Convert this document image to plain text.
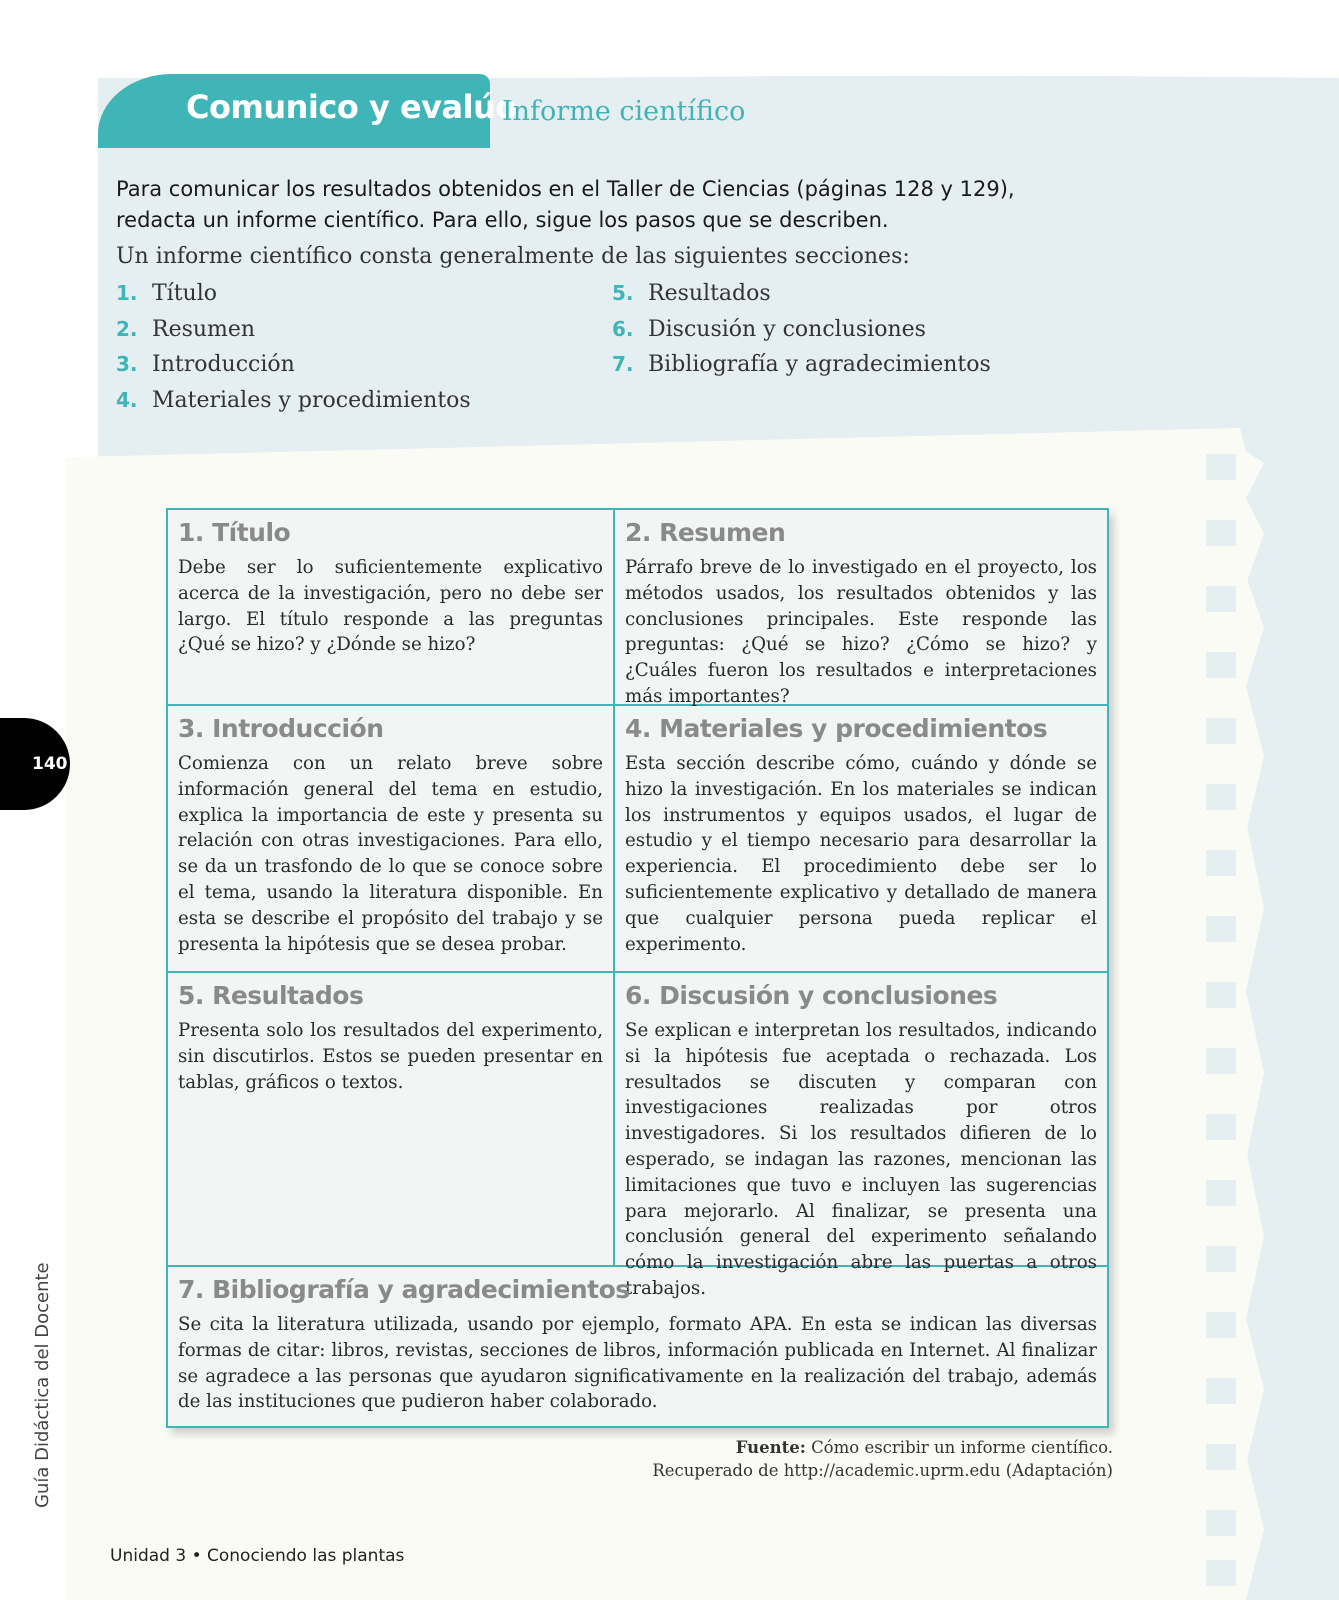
Comunico y evalúo
Informe científico
Para comunicar los resultados obtenidos en el Taller de Ciencias (páginas 128 y 129), redacta un informe científico. Para ello, sigue los pasos que se describen.
Un informe científico consta generalmente de las siguientes secciones:
1. Título
2. Resumen
3. Introducción
4. Materiales y procedimientos
5. Resultados
6. Discusión y conclusiones
7. Bibliografía y agradecimientos
1. Título

Debe ser lo suficientemente explicativo acerca de la investigación, pero no debe ser largo. El título responde a las preguntas ¿Qué se hizo? y ¿Dónde se hizo?

2. Resumen

Párrafo breve de lo investigado en el proyecto, los métodos usados, los resultados obtenidos y las conclusiones principales. Este responde las preguntas: ¿Qué se hizo? ¿Cómo se hizo? y ¿Cuáles fueron los resultados e interpretaciones más importantes?

3. Introducción

Comienza con un relato breve sobre información general del tema en estudio, explica la importancia de este y presenta su relación con otras investigaciones. Para ello, se da un trasfondo de lo que se conoce sobre el tema, usando la literatura disponible. En esta se describe el propósito del trabajo y se presenta la hipótesis que se desea probar.

4. Materiales y procedimientos

Esta sección describe cómo, cuándo y dónde se hizo la investigación. En los materiales se indican los instrumentos y equipos usados, el lugar de estudio y el tiempo necesario para desarrollar la experiencia. El procedimiento debe ser lo suficientemente explicativo y detallado de manera que cualquier persona pueda replicar el experimento.

5. Resultados

Presenta solo los resultados del experimento, sin discutirlos. Estos se pueden presentar en tablas, gráficos o textos.

6. Discusión y conclusiones

Se explican e interpretan los resultados, indicando si la hipótesis fue aceptada o rechazada. Los resultados se discuten y comparan con investigaciones realizadas por otros investigadores. Si los resultados difieren de lo esperado, se indagan las razones, mencionan las limitaciones que tuvo e incluyen las sugerencias para mejorarlo. Al finalizar, se presenta una conclusión general del experimento señalando cómo la investigación abre las puertas a otros trabajos.

7. Bibliografía y agradecimientos

Se cita la literatura utilizada, usando por ejemplo, formato APA. En esta se indican las diversas formas de citar: libros, revistas, secciones de libros, información publicada en Internet. Al finalizar se agradece a las personas que ayudaron significativamente en la realización del trabajo, además de las instituciones que pudieron haber colaborado.

Fuente: Cómo escribir un informe científico.
Recuperado de http://academic.uprm.edu (Adaptación)
140
Guía Didáctica del Docente
Unidad 3 • Conociendo las plantas
